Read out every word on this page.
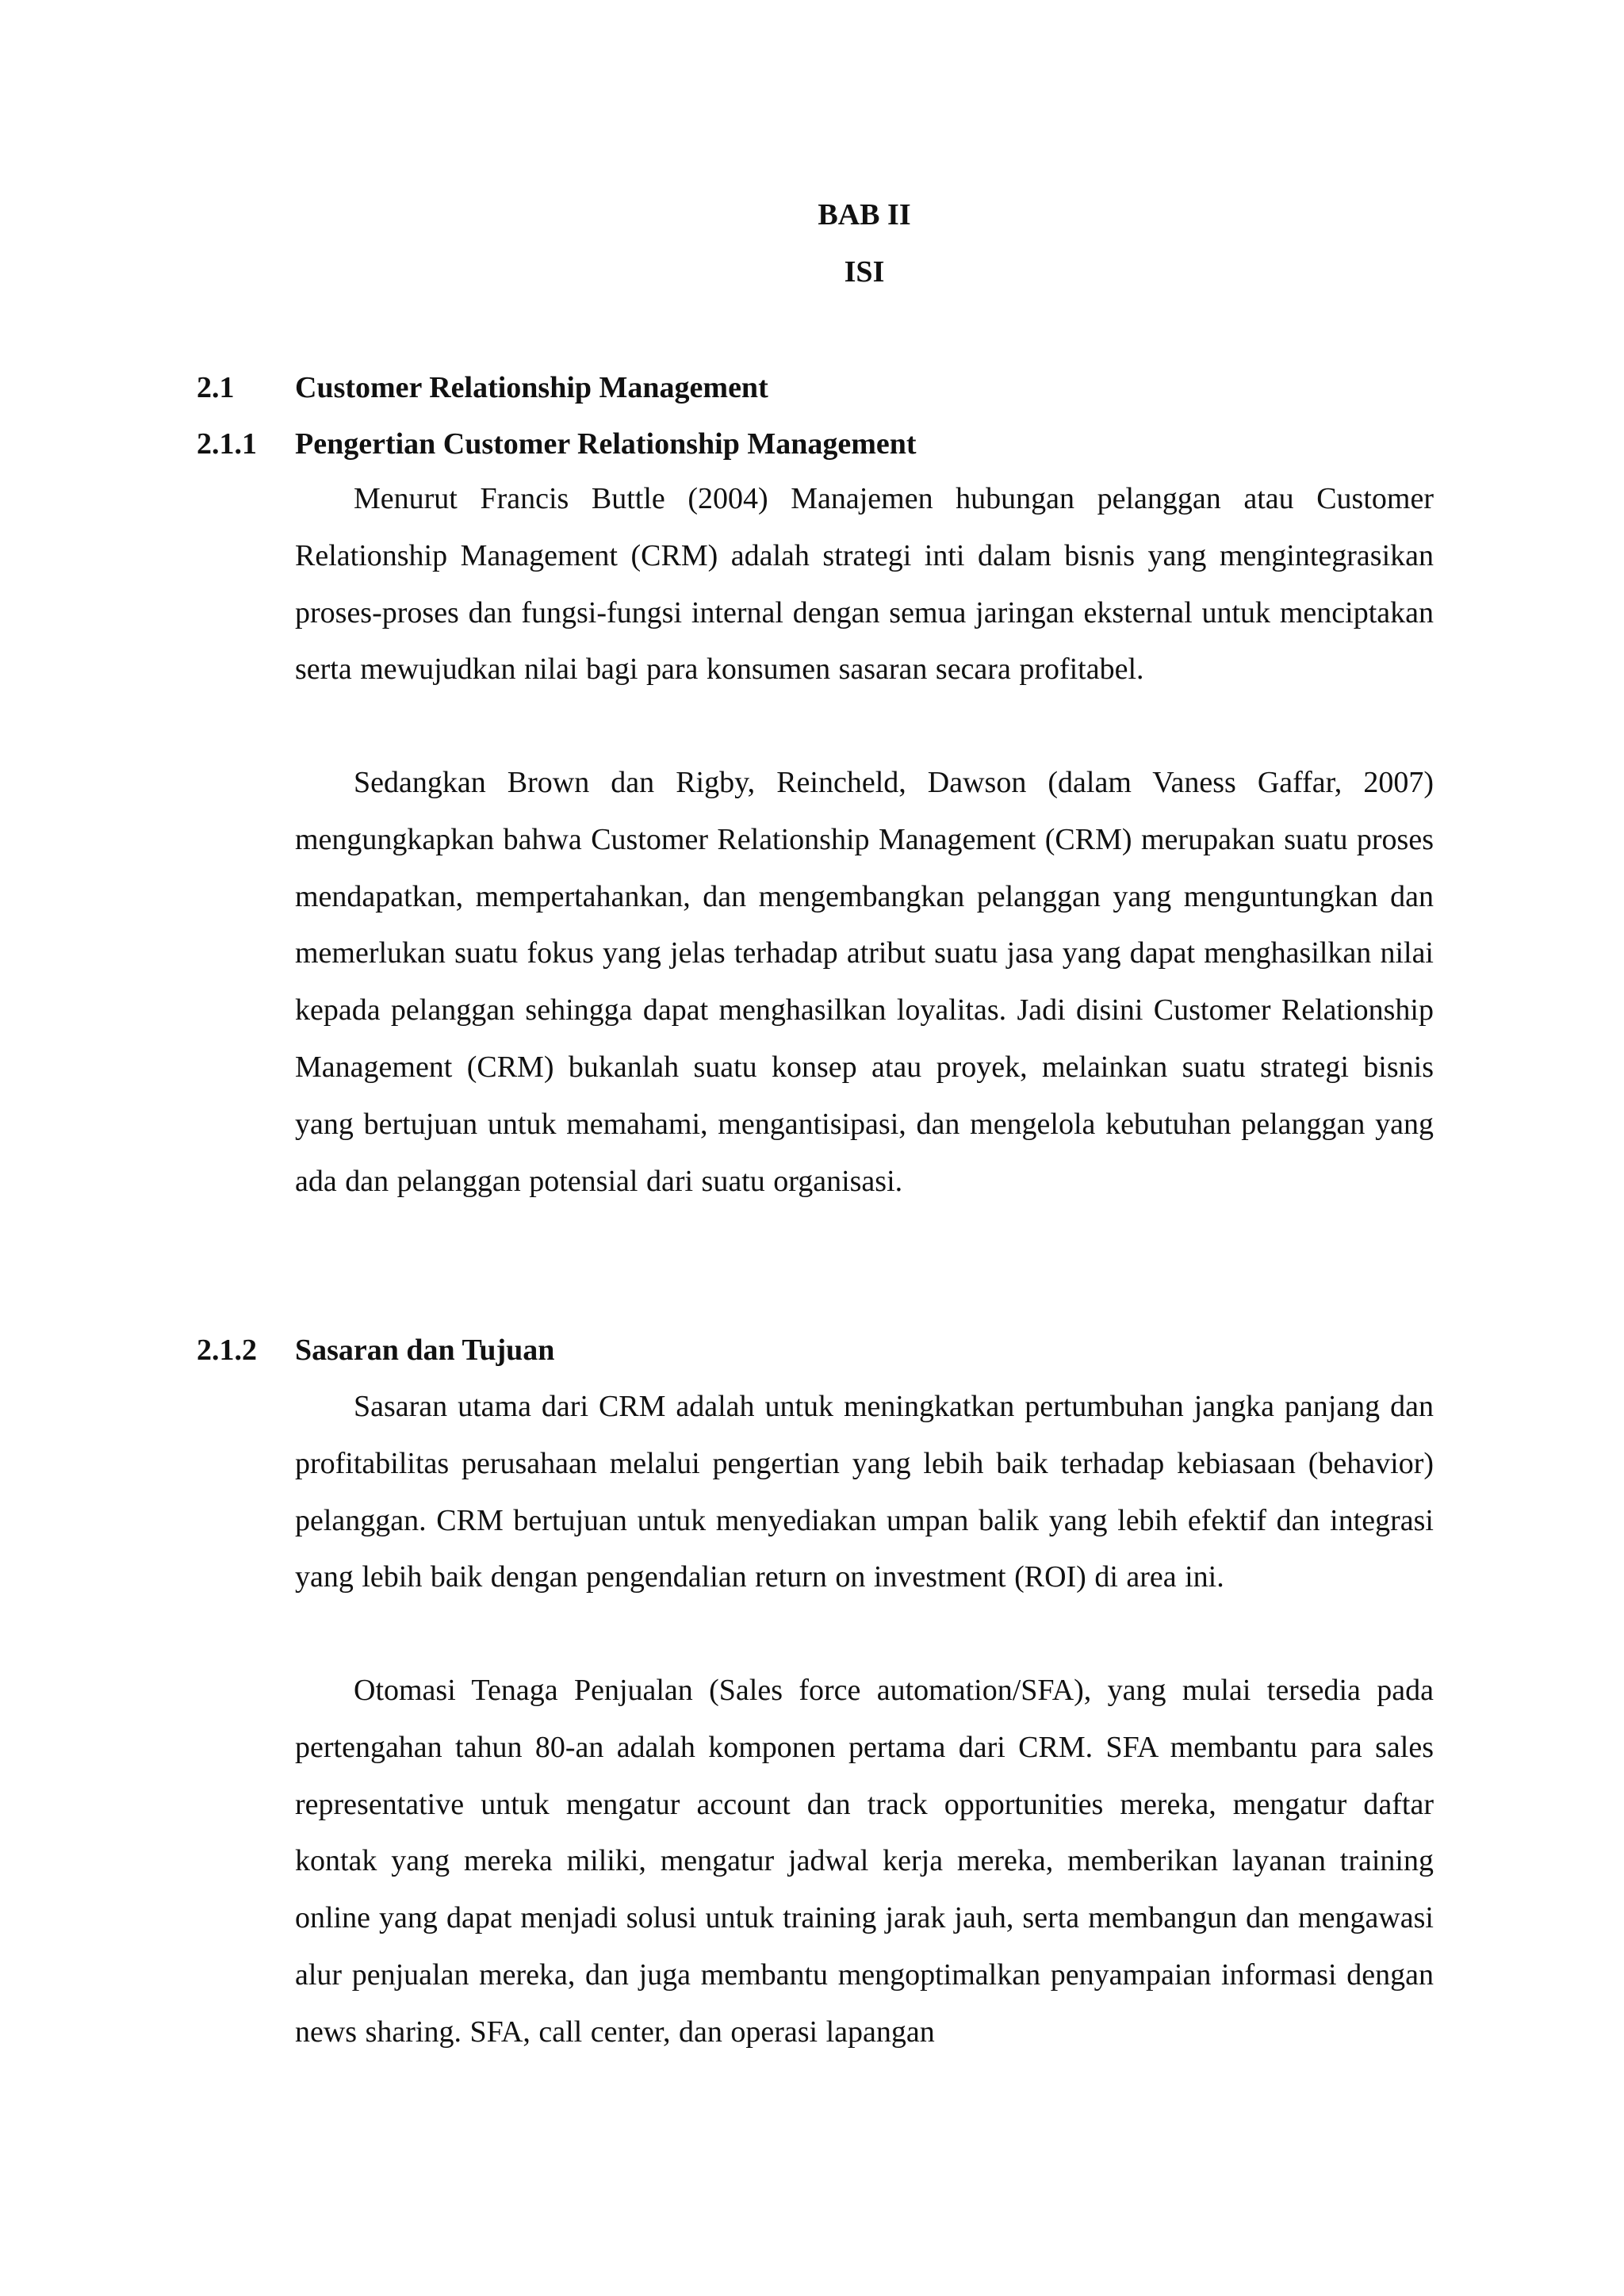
BAB II
ISI
2.1 Customer Relationship Management
2.1.1 Pengertian Customer Relationship Management

Menurut Francis Buttle (2004) Manajemen hubungan pelanggan atau Customer Relationship Management (CRM) adalah strategi inti dalam bisnis yang mengintegrasikan proses-proses dan fungsi-fungsi internal dengan semua jaringan eksternal untuk menciptakan serta mewujudkan nilai bagi para konsumen sasaran secara profitabel.

Sedangkan Brown dan Rigby, Reincheld, Dawson (dalam Vaness Gaffar, 2007) mengungkapkan bahwa Customer Relationship Management (CRM) merupakan suatu proses mendapatkan, mempertahankan, dan mengembangkan pelanggan yang menguntungkan dan memerlukan suatu fokus yang jelas terhadap atribut suatu jasa yang dapat menghasilkan nilai kepada pelanggan sehingga dapat menghasilkan loyalitas. Jadi disini Customer Relationship Management (CRM) bukanlah suatu konsep atau proyek, melainkan suatu strategi bisnis yang bertujuan untuk memahami, mengantisipasi, dan mengelola kebutuhan pelanggan yang ada dan pelanggan potensial dari suatu organisasi.

2.1.2 Sasaran dan Tujuan

Sasaran utama dari CRM adalah untuk meningkatkan pertumbuhan jangka panjang dan profitabilitas perusahaan melalui pengertian yang lebih baik terhadap kebiasaan (behavior) pelanggan. CRM bertujuan untuk menyediakan umpan balik yang lebih efektif dan integrasi yang lebih baik dengan pengendalian return on investment (ROI) di area ini.

Otomasi Tenaga Penjualan (Sales force automation/SFA), yang mulai tersedia pada pertengahan tahun 80-an adalah komponen pertama dari CRM. SFA membantu para sales representative untuk mengatur account dan track opportunities mereka, mengatur daftar kontak yang mereka miliki, mengatur jadwal kerja mereka, memberikan layanan training online yang dapat menjadi solusi untuk training jarak jauh, serta membangun dan mengawasi alur penjualan mereka, dan juga membantu mengoptimalkan penyampaian informasi dengan news sharing. SFA, call center, dan operasi lapangan
